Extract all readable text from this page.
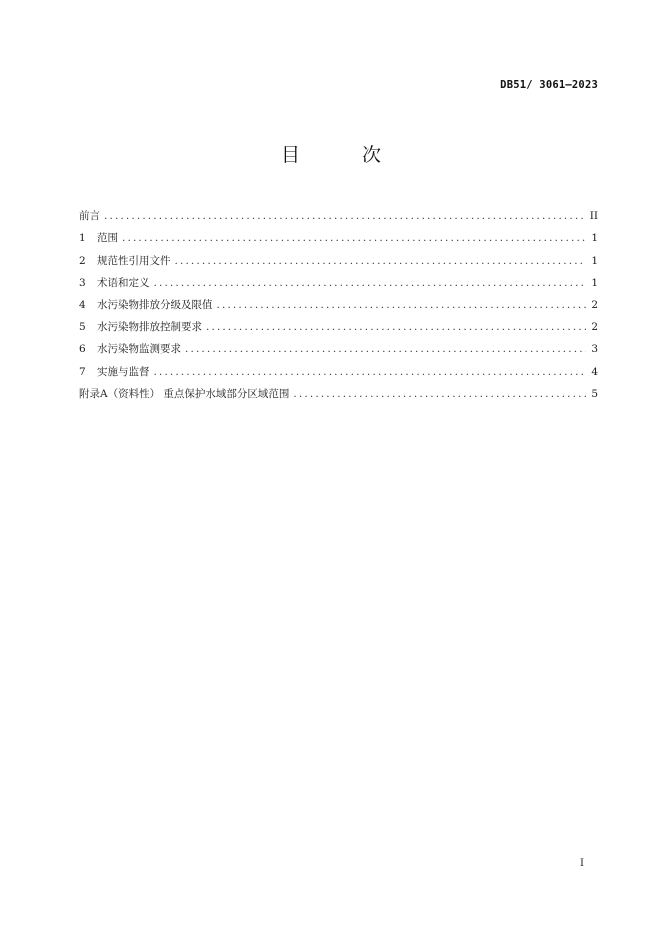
DB51/ 3061—2023
目 次
前言 . . .	II
1	范围 . . .	1
2	规范性引用文件 . . .	1
3	术语和定义 . . .	1
4	水污染物排放分级及限值 . . .	2
5	水污染物排放控制要求 . . .	2
6	水污染物监测要求 . . .	3
7	实施与监督 . . .	4
附录A（资料性） 重点保护水域部分区域范围 . . .	5
I
